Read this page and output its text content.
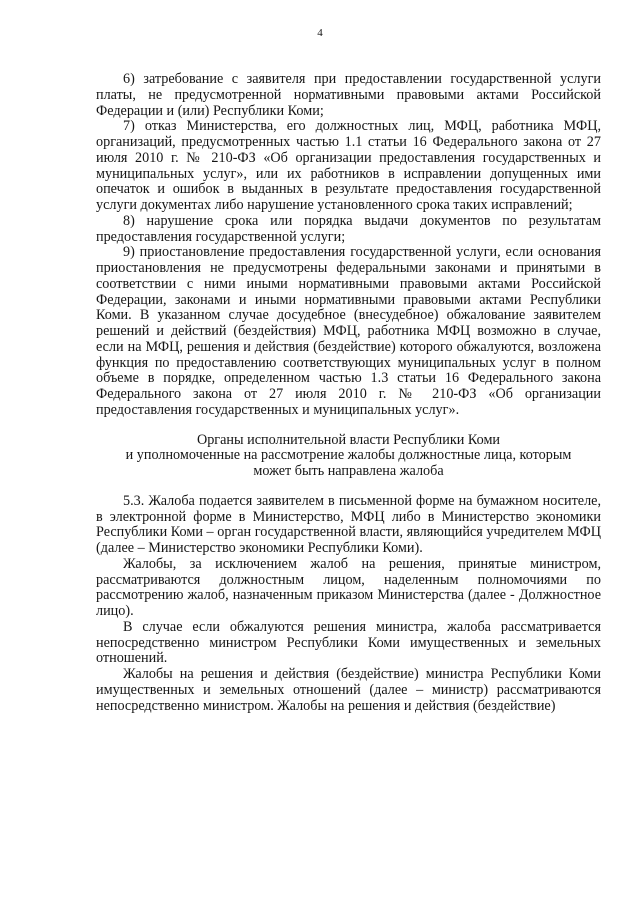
4

6) затребование с заявителя при предоставлении государственной услуги платы, не предусмотренной нормативными правовыми актами Российской Федерации и (или) Республики Коми;

7) отказ Министерства, его должностных лиц, МФЦ, работника МФЦ, организаций, предусмотренных частью 1.1 статьи 16 Федерального закона от 27 июля 2010 г. № 210-ФЗ «Об организации предоставления государственных и муниципальных услуг», или их работников в исправлении допущенных ими опечаток и ошибок в выданных в результате предоставления государственной услуги документах либо нарушение установленного срока таких исправлений;

8) нарушение срока или порядка выдачи документов по результатам предоставления государственной услуги;

9) приостановление предоставления государственной услуги, если основания приостановления не предусмотрены федеральными законами и принятыми в соответствии с ними иными нормативными правовыми актами Российской Федерации, законами и иными нормативными правовыми актами Республики Коми. В указанном случае досудебное (внесудебное) обжалование заявителем решений и действий (бездействия) МФЦ, работника МФЦ возможно в случае, если на МФЦ, решения и действия (бездействие) которого обжалуются, возложена функция по предоставлению соответствующих муниципальных услуг в полном объеме в порядке, определенном частью 1.3 статьи 16 Федерального закона Федерального закона от 27 июля 2010 г. № 210-ФЗ «Об организации предоставления государственных и муниципальных услуг».

Органы исполнительной власти Республики Коми
и уполномоченные на рассмотрение жалобы должностные лица, которым
может быть направлена жалоба

5.3. Жалоба подается заявителем в письменной форме на бумажном носителе, в электронной форме в Министерство, МФЦ либо в Министерство экономики Республики Коми – орган государственной власти, являющийся учредителем МФЦ (далее – Министерство экономики Республики Коми).

Жалобы, за исключением жалоб на решения, принятые министром, рассматриваются должностным лицом, наделенным полномочиями по рассмотрению жалоб, назначенным приказом Министерства (далее - Должностное лицо).

В случае если обжалуются решения министра, жалоба рассматривается непосредственно министром Республики Коми имущественных и земельных отношений.

Жалобы на решения и действия (бездействие) министра Республики Коми имущественных и земельных отношений (далее – министр) рассматриваются непосредственно министром. Жалобы на решения и действия (бездействие)
